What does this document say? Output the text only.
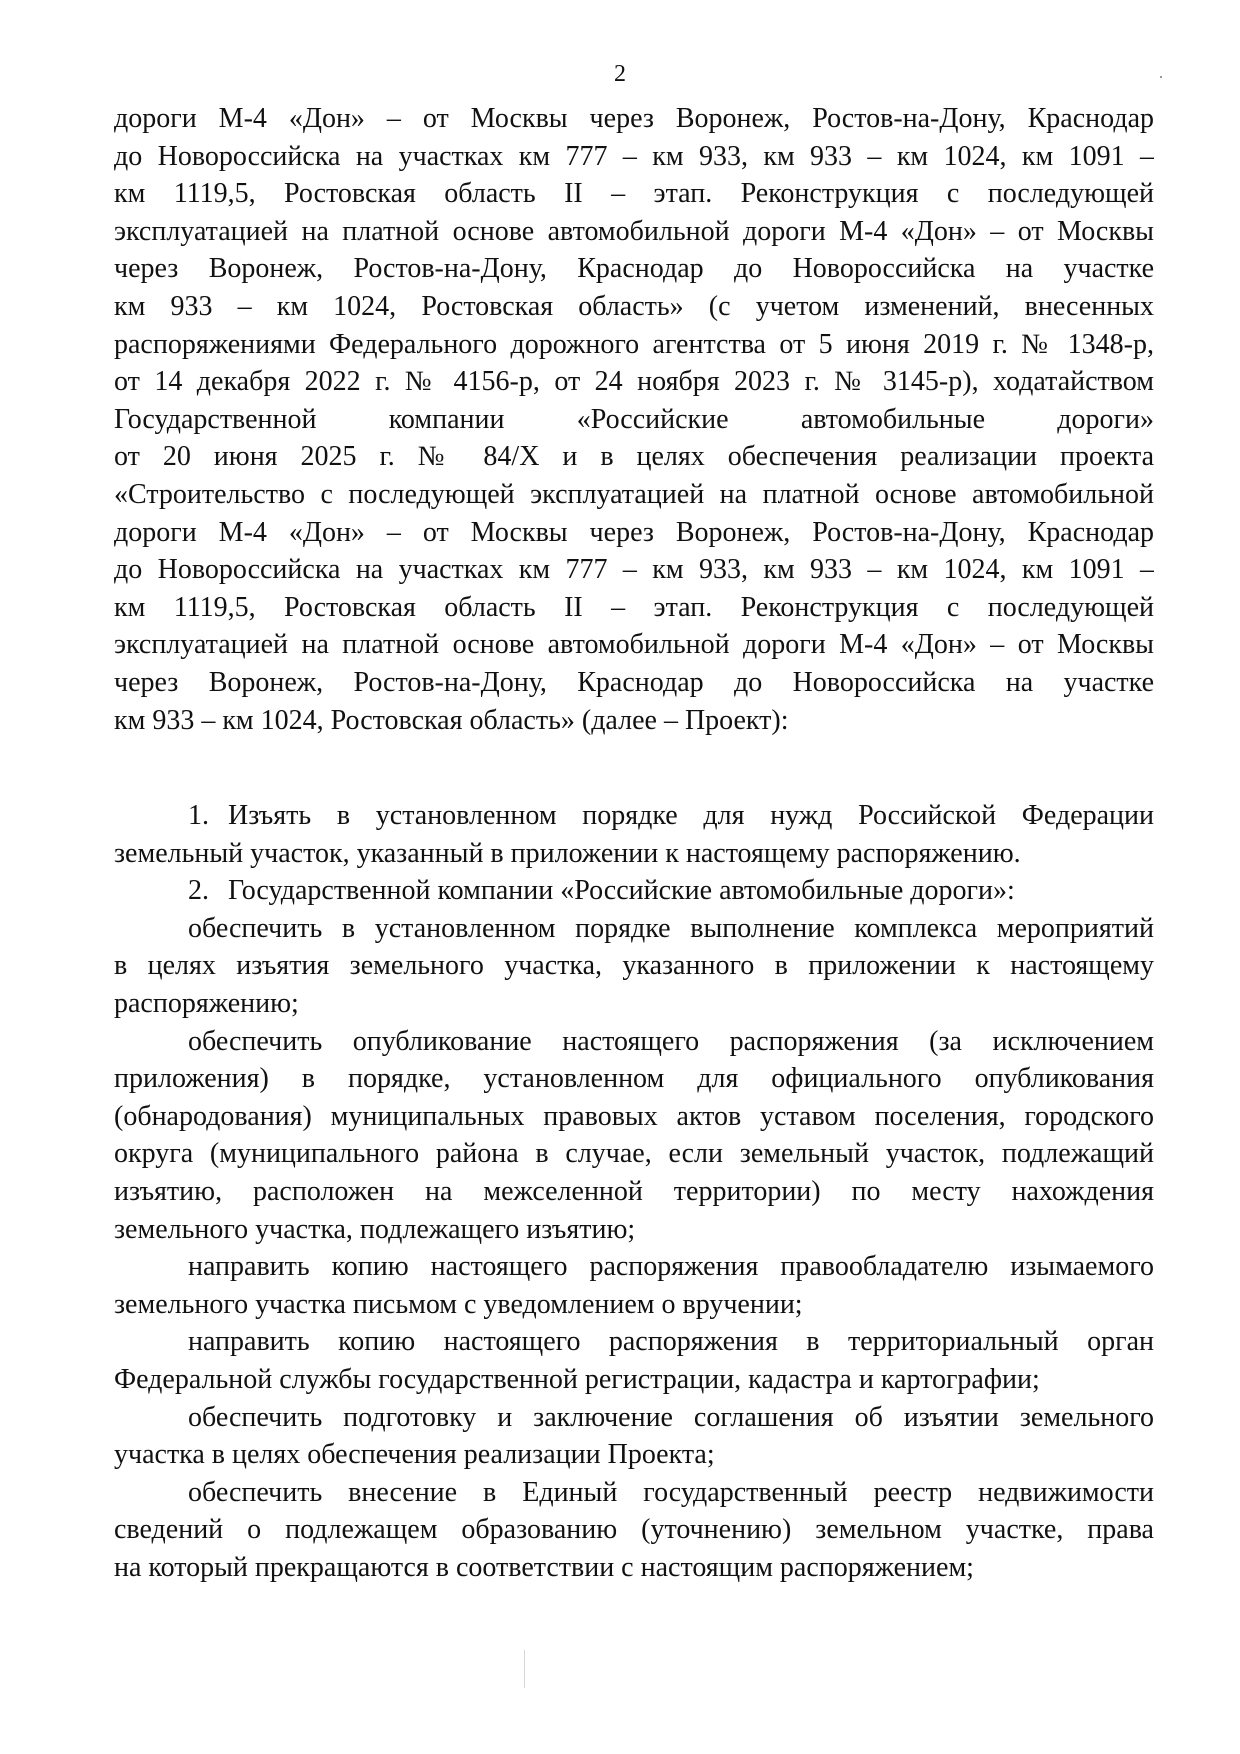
2
дороги М-4 «Дон» – от Москвы через Воронеж, Ростов-на-Дону, Краснодар
до Новороссийска на участках км 777 – км 933, км 933 – км 1024, км 1091 –
км 1119,5, Ростовская область II – этап. Реконструкция с последующей
эксплуатацией на платной основе автомобильной дороги М-4 «Дон» – от Москвы
через Воронеж, Ростов-на-Дону, Краснодар до Новороссийска на участке
км 933 – км 1024, Ростовская область» (с учетом изменений, внесенных
распоряжениями Федерального дорожного агентства от 5 июня 2019 г. № 1348-р,
от 14 декабря 2022 г. № 4156-р, от 24 ноября 2023 г. № 3145-р), ходатайством
Государственной компании «Российские автомобильные дороги»
от 20 июня 2025 г. № 84/Х и в целях обеспечения реализации проекта
«Строительство с последующей эксплуатацией на платной основе автомобильной
дороги М-4 «Дон» – от Москвы через Воронеж, Ростов-на-Дону, Краснодар
до Новороссийска на участках км 777 – км 933, км 933 – км 1024, км 1091 –
км 1119,5, Ростовская область II – этап. Реконструкция с последующей
эксплуатацией на платной основе автомобильной дороги М-4 «Дон» – от Москвы
через Воронеж, Ростов-на-Дону, Краснодар до Новороссийска на участке
км 933 – км 1024, Ростовская область» (далее – Проект):
1. Изъять в установленном порядке для нужд Российской Федерации
земельный участок, указанный в приложении к настоящему распоряжению.
2. Государственной компании «Российские автомобильные дороги»:
обеспечить в установленном порядке выполнение комплекса мероприятий
в целях изъятия земельного участка, указанного в приложении к настоящему
распоряжению;
обеспечить опубликование настоящего распоряжения (за исключением
приложения) в порядке, установленном для официального опубликования
(обнародования) муниципальных правовых актов уставом поселения, городского
округа (муниципального района в случае, если земельный участок, подлежащий
изъятию, расположен на межселенной территории) по месту нахождения
земельного участка, подлежащего изъятию;
направить копию настоящего распоряжения правообладателю изымаемого
земельного участка письмом с уведомлением о вручении;
направить копию настоящего распоряжения в территориальный орган
Федеральной службы государственной регистрации, кадастра и картографии;
обеспечить подготовку и заключение соглашения об изъятии земельного
участка в целях обеспечения реализации Проекта;
обеспечить внесение в Единый государственный реестр недвижимости
сведений о подлежащем образованию (уточнению) земельном участке, права
на который прекращаются в соответствии с настоящим распоряжением;
